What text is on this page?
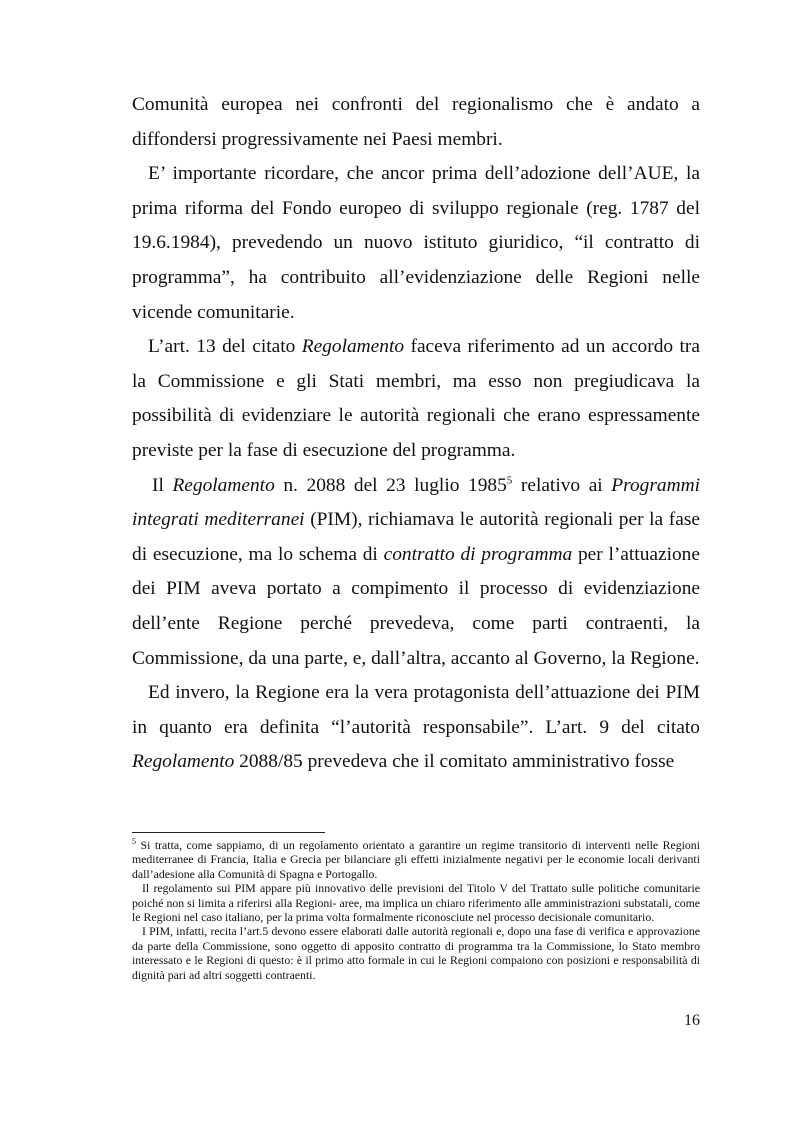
Comunità europea nei confronti del regionalismo che è andato a diffondersi progressivamente nei Paesi membri.

E’ importante ricordare, che ancor prima dell’adozione dell’AUE, la prima riforma del Fondo europeo di sviluppo regionale (reg. 1787 del 19.6.1984), prevedendo un nuovo istituto giuridico, “il contratto di programma”, ha contribuito all’evidenziazione delle Regioni nelle vicende comunitarie.

L’art. 13 del citato Regolamento faceva riferimento ad un accordo tra la Commissione e gli Stati membri, ma esso non pregiudicava la possibilità di evidenziare le autorità regionali che erano espressamente previste per la fase di esecuzione del programma.

Il Regolamento n. 2088 del 23 luglio 1985$^5$ relativo ai Programmi integrati mediterranei (PIM), richiamava le autorità regionali per la fase di esecuzione, ma lo schema di contratto di programma per l’attuazione dei PIM aveva portato a compimento il processo di evidenziazione dell’ente Regione perché prevedeva, come parti contraenti, la Commissione, da una parte, e, dall’altra, accanto al Governo, la Regione.

Ed invero, la Regione era la vera protagonista dell’attuazione dei PIM in quanto era definita “l’autorità responsabile”. L’art. 9 del citato Regolamento 2088/85 prevedeva che il comitato amministrativo fosse

$^5$ Si tratta, come sappiamo, di un regolamento orientato a garantire un regime transitorio di interventi nelle Regioni mediterranee di Francia, Italia e Grecia per bilanciare gli effetti inizialmente negativi per le economie locali derivanti dall’adesione alla Comunità di Spagna e Portogallo.

Il regolamento sui PIM appare più innovativo delle previsioni del Titolo V del Trattato sulle politiche comunitarie poiché non si limita a riferirsi alla Regioni- aree, ma implica un chiaro riferimento alle amministrazioni substatali, come le Regioni nel caso italiano, per la prima volta formalmente riconosciute nel processo decisionale comunitario.

I PIM, infatti, recita l’art.5 devono essere elaborati dalle autorità regionali e, dopo una fase di verifica e approvazione da parte della Commissione, sono oggetto di apposito contratto di programma tra la Commissione, lo Stato membro interessato e le Regioni di questo: è il primo atto formale in cui le Regioni compaiono con posizioni e responsabilità di dignità pari ad altri soggetti contraenti.

16
